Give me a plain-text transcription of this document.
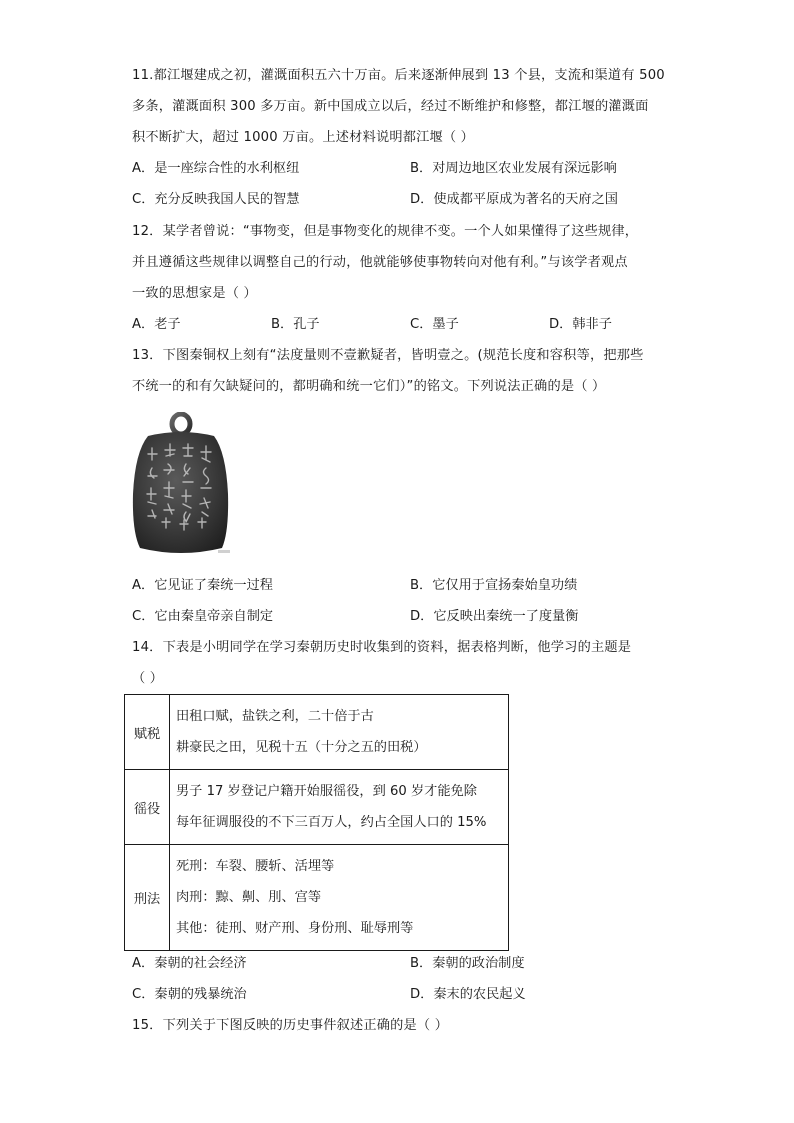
11.都江堰建成之初，灌溉面积五六十万亩。后来逐渐伸展到 13 个县，支流和渠道有 500
多条，灌溉面积 300 多万亩。新中国成立以后，经过不断维护和修整，都江堰的灌溉面
积不断扩大，超过 1000 万亩。上述材料说明都江堰（ ）
A．是一座综合性的水利枢纽	B．对周边地区农业发展有深远影响
C．充分反映我国人民的智慧	D．使成都平原成为著名的天府之国
12．某学者曾说：“事物变，但是事物变化的规律不变。一个人如果懂得了这些规律，
并且遵循这些规律以调整自己的行动，他就能够使事物转向对他有利。”与该学者观点
一致的思想家是（ ）
A．老子	B．孔子	C．墨子	D．韩非子
13．下图秦铜权上刻有“法度量则不壹歉疑者，皆明壹之。(规范长度和容积等，把那些
不统一的和有欠缺疑问的，都明确和统一它们）”的铭文。下列说法正确的是（ ）
A．它见证了秦统一过程	B．它仅用于宣扬秦始皇功绩
C．它由秦皇帝亲自制定	D．它反映出秦统一了度量衡
14．下表是小明同学在学习秦朝历史时收集到的资料，据表格判断，他学习的主题是
（ ）
赋税	田租口赋，盐铁之利，二十倍于古
耕豪民之田，见税十五（十分之五的田税）

徭役	男子 17 岁登记户籍开始服徭役，到 60 岁才能免除
每年征调服役的不下三百万人，约占全国人口的 15%

刑法	死刑：车裂、腰斩、活埋等
肉刑：黥、劓、刖、宫等
其他：徒刑、财产刑、身份刑、耻辱刑等
A．秦朝的社会经济	B．秦朝的政治制度
C．秦朝的残暴统治	D．秦末的农民起义
15．下列关于下图反映的历史事件叙述正确的是（ ）
